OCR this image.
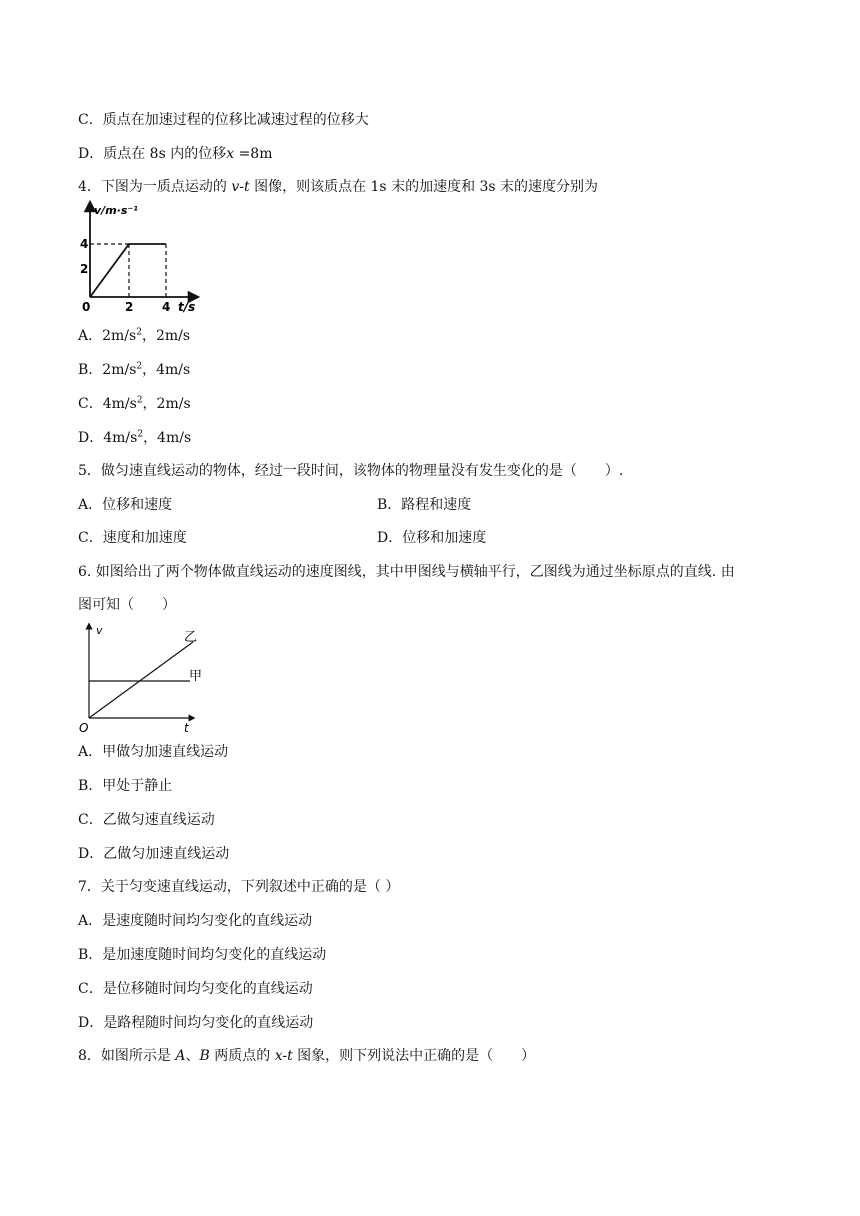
C．质点在加速过程的位移比减速过程的位移大
D．质点在 8s 内的位移x =8m
4．下图为一质点运动的 v-t 图像，则该质点在 1s 末的加速度和 3s 末的速度分别为
v/m·s⁻¹
4
2
0	2 4 t/s
A．$2m/s^2$，2m/s
B．$2m/s^2$，4m/s
C．$4m/s^2$，2m/s
D．$4m/s^2$，4m/s
5．做匀速直线运动的物体，经过一段时间，该物体的物理量没有发生变化的是（　　）.
A．位移和速度	B．路程和速度
C．速度和加速度	D．位移和加速度
6. 如图给出了两个物体做直线运动的速度图线，其中甲图线与横轴平行，乙图线为通过坐标原点的直线. 由
图可知（　　）
v	乙
甲
O	t
A．甲做匀加速直线运动
B．甲处于静止
C．乙做匀速直线运动
D．乙做匀加速直线运动
7．关于匀变速直线运动，下列叙述中正确的是（ ）
A．是速度随时间均匀变化的直线运动
B．是加速度随时间均匀变化的直线运动
C．是位移随时间均匀变化的直线运动
D．是路程随时间均匀变化的直线运动
8．如图所示是 A、B 两质点的 x-t 图象，则下列说法中正确的是（　　）
